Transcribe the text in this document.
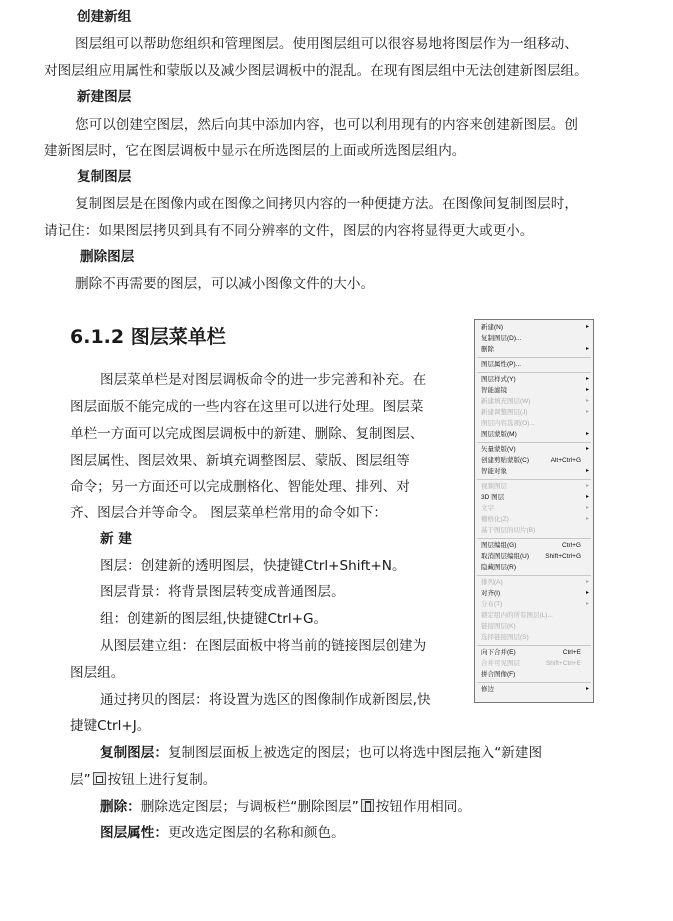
创建新组
图层组可以帮助您组织和管理图层。使用图层组可以很容易地将图层作为一组移动、
对图层组应用属性和蒙版以及减少图层调板中的混乱。在现有图层组中无法创建新图层组。
新建图层
您可以创建空图层，然后向其中添加内容，也可以利用现有的内容来创建新图层。创
建新图层时，它在图层调板中显示在所选图层的上面或所选图层组内。
复制图层
复制图层是在图像内或在图像之间拷贝内容的一种便捷方法。在图像间复制图层时，
请记住：如果图层拷贝到具有不同分辨率的文件，图层的内容将显得更大或更小。
删除图层
删除不再需要的图层，可以减小图像文件的大小。
6.1.2 图层菜单栏
图层菜单栏是对图层调板命令的进一步完善和补充。在
图层面版不能完成的一些内容在这里可以进行处理。图层菜
单栏一方面可以完成图层调板中的新建、删除、复制图层、
图层属性、图层效果、新填充调整图层、蒙版、图层组等
命令；另一方面还可以完成删格化、智能处理、排列、对
齐、图层合并等命令。 图层菜单栏常用的命令如下：
新 建
图层：创建新的透明图层，快捷键Ctrl+Shift+N。
图层背景：将背景图层转变成普通图层。
组：创建新的图层组,快捷键Ctrl+G。
从图层建立组：在图层面板中将当前的链接图层创建为
图层组。
通过拷贝的图层：将设置为选区的图像制作成新图层,快
捷键Ctrl+J。
复制图层：复制图层面板上被选定的图层；也可以将选中图层拖入“新建图
层” 按钮上进行复制。
删除：删除选定图层；与调板栏“删除图层” 按钮作用相同。
图层属性：更改选定图层的名称和颜色。
新建(N)	▸
复制图层(D)...
删除	▸
图层属性(P)...
图层样式(Y)	▸
智能滤镜	▸
新建填充图层(W)	▸
新建调整图层(J)	▸
图层内容选项(O)...
图层蒙版(M)	▸
矢量蒙版(V)	▸
创建剪贴蒙版(C)	Alt+Ctrl+G
智能对象	▸
视频图层	▸
3D 图层	▸
文字	▸
栅格化(Z)	▸
基于图层的切片(B)
图层编组(G)	Ctrl+G
取消图层编组(U) Shift+Ctrl+G
隐藏图层(R)
排列(A)	▸
对齐(I)	▸
分布(T)	▸
锁定组内的所有图层(L)...
链接图层(K)
选择链接图层(S)
向下合并(E)	Ctrl+E
合并可见图层	Shift+Ctrl+E
拼合图像(F)
修边	▸
